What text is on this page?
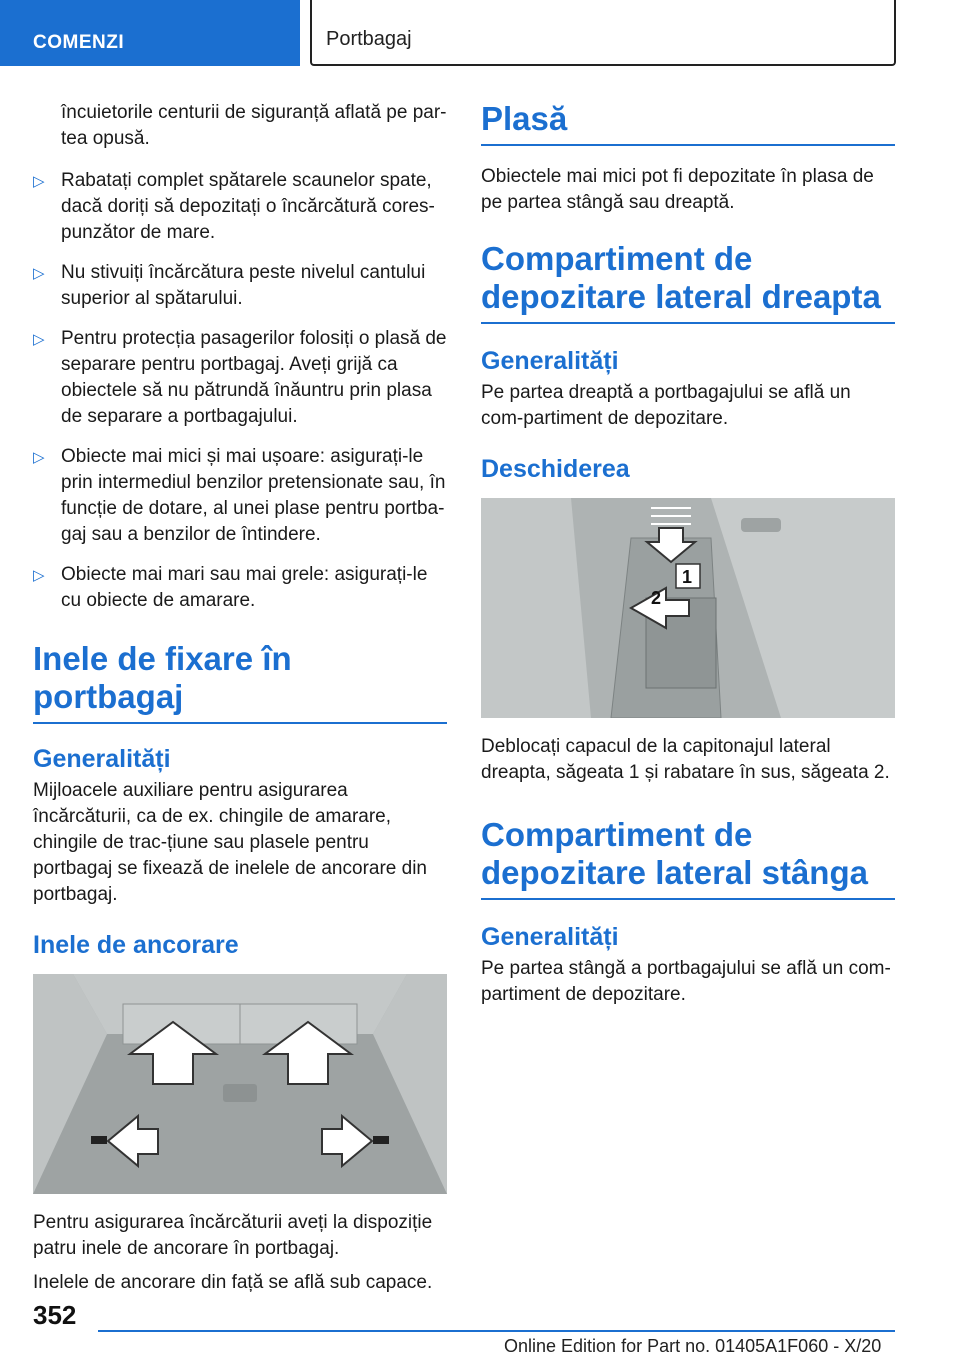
COMENZI	Portbagaj

încuietorile centurii de siguranță aflată pe par-tea opusă.

▷ Rabatați complet spătarele scaunelor spate, dacă doriți să depozitați o încărcătură cores-punzător de mare.
▷ Nu stivuiți încărcătura peste nivelul cantului superior al spătarului.
▷ Pentru protecția pasagerilor folosiți o plasă de separare pentru portbagaj. Aveți grijă ca obiectele să nu pătrundă înăuntru prin plasa de separare a portbagajului.
▷ Obiecte mai mici și mai ușoare: asigurați-le prin intermediul benzilor pretensionate sau, în funcție de dotare, al unei plase pentru portba-gaj sau a benzilor de întindere.
▷ Obiecte mai mari sau mai grele: asigurați-le cu obiecte de amarare.
Inele de fixare în portbagaj
Generalități

Mijloacele auxiliare pentru asigurarea încărcăturii, ca de ex. chingile de amarare, chingile de trac-țiune sau plasele pentru portbagaj se fixează de inelele de ancorare din portbagaj.

Inele de ancorare

Pentru asigurarea încărcăturii aveți la dispoziție patru inele de ancorare în portbagaj.

Inelele de ancorare din față se află sub capace.

Plasă

Obiectele mai mici pot fi depozitate în plasa de pe partea stângă sau dreaptă.

Compartiment de depozitare lateral dreapta
Generalități

Pe partea dreaptă a portbagajului se află un com-partiment de depozitare.

Deschiderea
1
2

Deblocați capacul de la capitonajul lateral dreapta, săgeata 1 și rabatare în sus, săgeata 2.

Compartiment de depozitare lateral stânga
Generalități

Pe partea stângă a portbagajului se află un com-partiment de depozitare.

352
Online Edition for Part no. 01405A1F060 - X/20
